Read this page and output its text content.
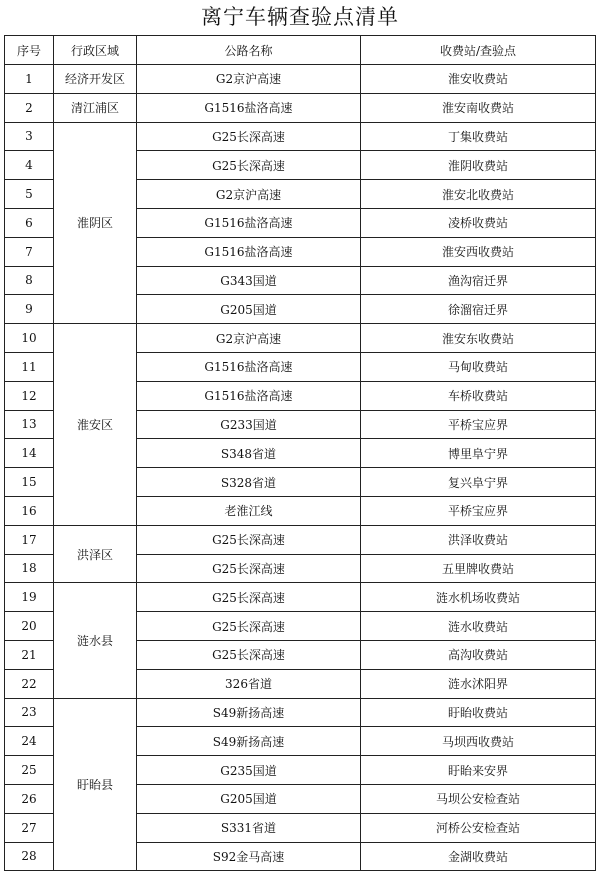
离宁车辆查验点清单
序号	行政区域	公路名称	收费站/查验点
1	经济开发区	G2京沪高速	淮安收费站
2	清江浦区	G1516盐洛高速	淮安南收费站
3	淮阴区	G25长深高速	丁集收费站
4		G25长深高速	淮阴收费站
5		G2京沪高速	淮安北收费站
6		G1516盐洛高速	凌桥收费站
7		G1516盐洛高速	淮安西收费站
8		G343国道	渔沟宿迁界
9		G205国道	徐溜宿迁界
10	淮安区	G2京沪高速	淮安东收费站
11		G1516盐洛高速	马甸收费站
12		G1516盐洛高速	车桥收费站
13		G233国道	平桥宝应界
14		S348省道	博里阜宁界
15		S328省道	复兴阜宁界
16		老淮江线	平桥宝应界
17	洪泽区	G25长深高速	洪泽收费站
18		G25长深高速	五里牌收费站
19	涟水县	G25长深高速	涟水机场收费站
20		G25长深高速	涟水收费站
21		G25长深高速	高沟收费站
22		326省道	涟水沭阳界
23	盱眙县	S49新扬高速	盱眙收费站
24		S49新扬高速	马坝西收费站
25		G235国道	盱眙来安界
26		G205国道	马坝公安检查站
27		S331省道	河桥公安检查站
28		S92金马高速	金湖收费站
